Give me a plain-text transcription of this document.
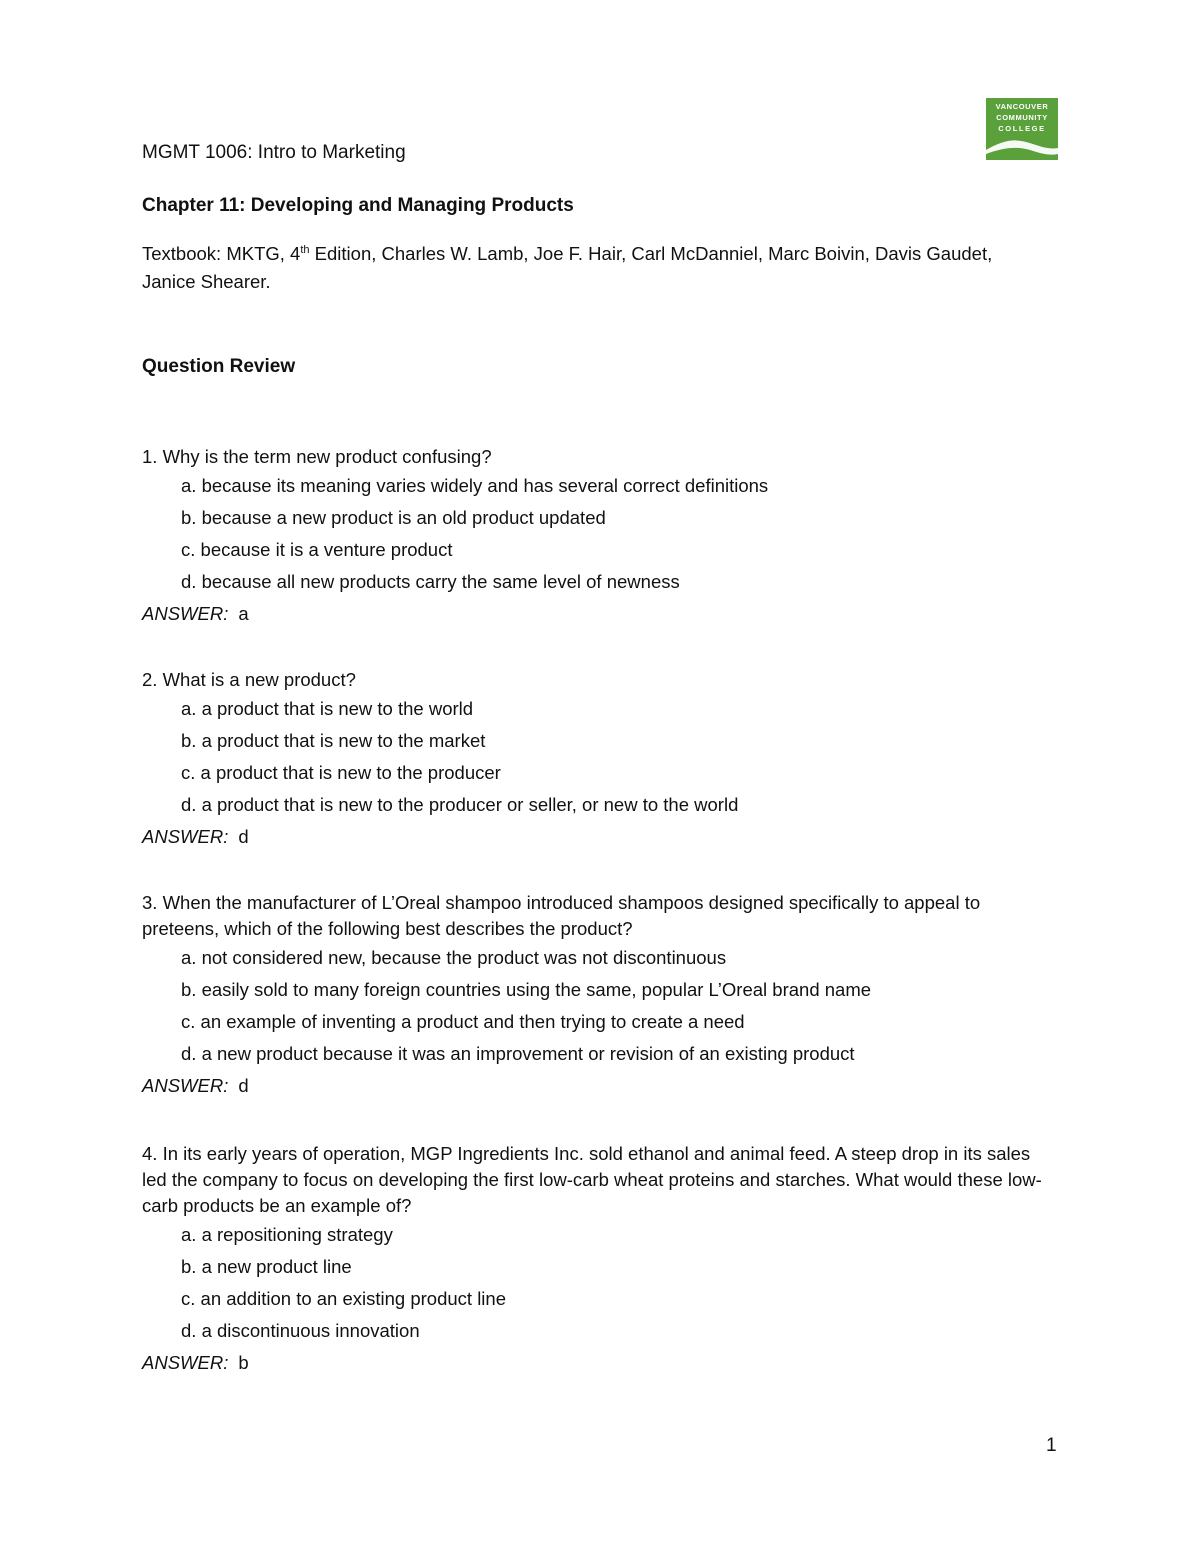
VANCOUVER
COMMUNITY
COLLEGE
MGMT 1006: Intro to Marketing
Chapter 11: Developing and Managing Products
Textbook: MKTG, 4th Edition, Charles W. Lamb, Joe F. Hair, Carl McDanniel, Marc Boivin, Davis Gaudet, Janice Shearer.
Question Review
1. Why is the term new product confusing?
a. because its meaning varies widely and has several correct definitions
b. because a new product is an old product updated
c. because it is a venture product
d. because all new products carry the same level of newness
ANSWER: a
2. What is a new product?
a. a product that is new to the world
b. a product that is new to the market
c. a product that is new to the producer
d. a product that is new to the producer or seller, or new to the world
ANSWER: d
3. When the manufacturer of L’Oreal shampoo introduced shampoos designed specifically to appeal to preteens, which of the following best describes the product?
a. not considered new, because the product was not discontinuous
b. easily sold to many foreign countries using the same, popular L’Oreal brand name
c. an example of inventing a product and then trying to create a need
d. a new product because it was an improvement or revision of an existing product
ANSWER: d
4. In its early years of operation, MGP Ingredients Inc. sold ethanol and animal feed. A steep drop in its sales led the company to focus on developing the first low-carb wheat proteins and starches. What would these low-carb products be an example of?
a. a repositioning strategy
b. a new product line
c. an addition to an existing product line
d. a discontinuous innovation
ANSWER: b
1
